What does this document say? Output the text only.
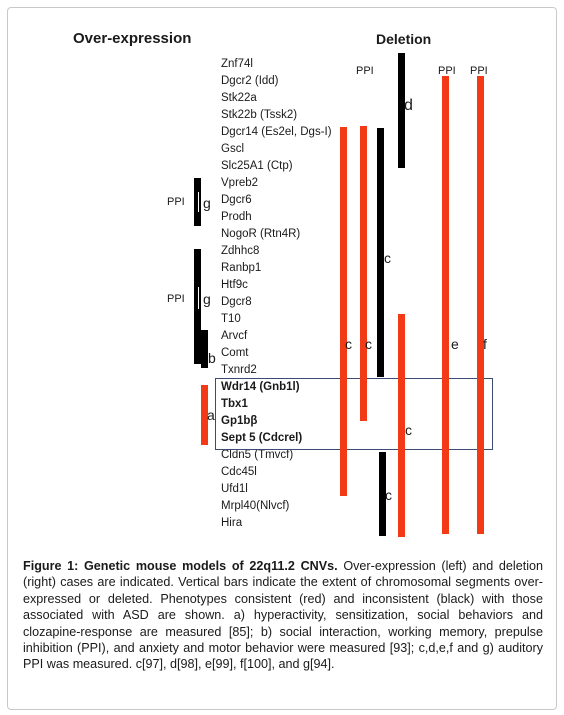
Over-expression	Deletion
Znf74l
Dgcr2 (Idd)
Stk22a
Stk22b (Tssk2)
Dgcr14 (Es2el, Dgs-I)
Gscl
Slc25A1 (Ctp)
Vpreb2
Dgcr6
Prodh
NogoR (Rtn4R)
Zdhhc8
Ranbp1
Htf9c
Dgcr8
T10
Arvcf
Comt
Txnrd2
Wdr14 (Gnb1l)
Tbx1
Gp1bβ
Sept 5 (Cdcrel)
Cldn5 (Tmvcf)
Cdc45l
Ufd1l
Mrpl40(Nlvcf)
Hira
g
PPI
g
PPI
b
a
c c
c
d
PPI
c
c
e
PPI
f
PPI
Figure 1: Genetic mouse models of 22q11.2 CNVs. Over-expression (left) and deletion (right) cases are indicated. Vertical bars indicate the extent of chromosomal segments over-expressed or deleted. Phenotypes consistent (red) and inconsistent (black) with those associated with ASD are shown. a) hyperactivity, sensitization, social behaviors and clozapine-response are measured [85]; b) social interaction, working memory, prepulse inhibition (PPI), and anxiety and motor behavior were measured [93]; c,d,e,f and g) auditory PPI was measured. c[97], d[98], e[99], f[100], and g[94].
